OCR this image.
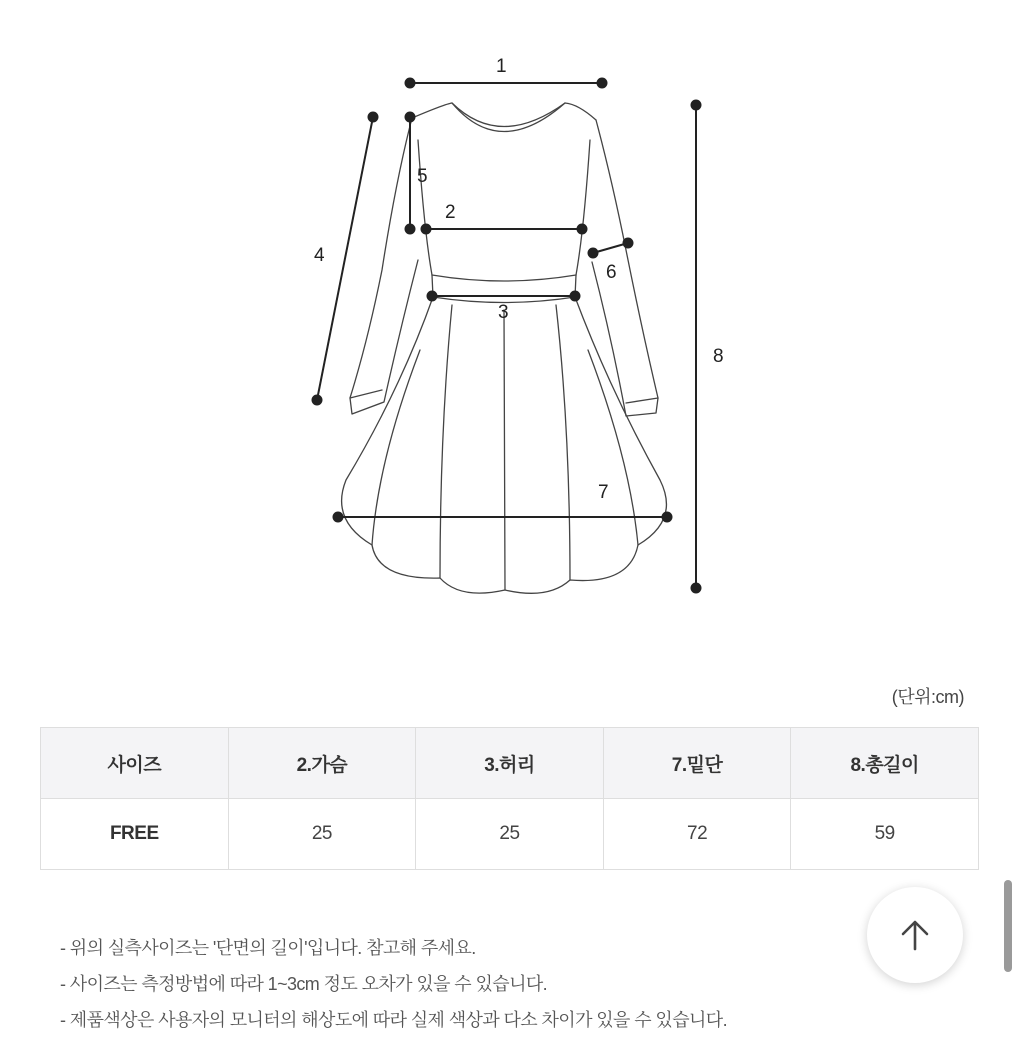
1
2
3
4
5
6
7
8
(단위:cm)
사이즈	2.가슴	3.허리	7.밑단	8.총길이
FREE	25	25	72	59
- 위의 실측사이즈는 '단면의 길이'입니다. 참고해 주세요.
- 사이즈는 측정방법에 따라 1~3cm 정도 오차가 있을 수 있습니다.
- 제품색상은 사용자의 모니터의 해상도에 따라 실제 색상과 다소 차이가 있을 수 있습니다.
